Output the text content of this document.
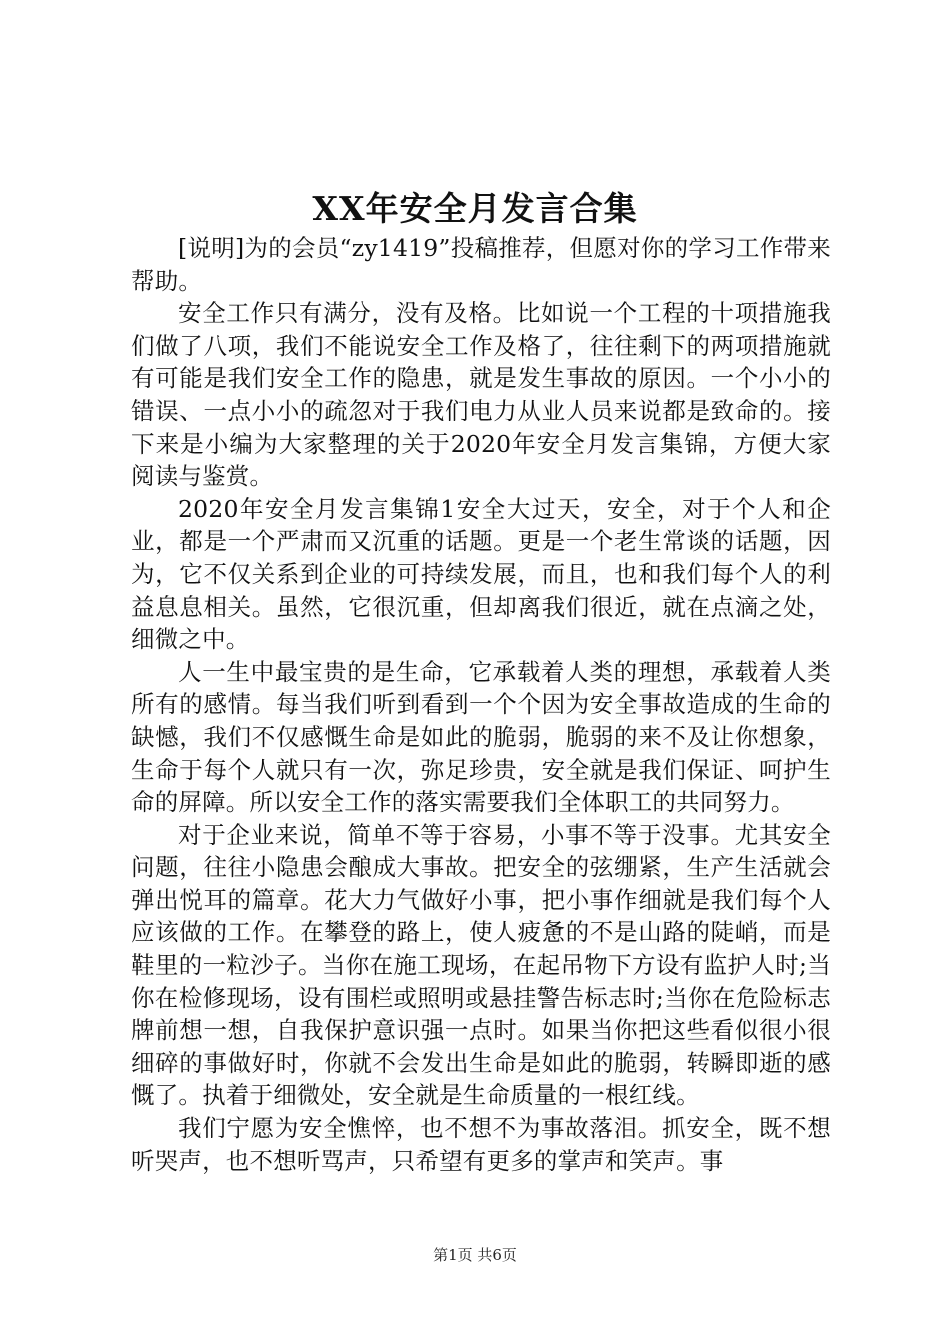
XX年安全月发言合集

[说明]为的会员“zy1419”投稿推荐，但愿对你的学习工作带来帮助。

安全工作只有满分，没有及格。比如说一个工程的十项措施我们做了八项，我们不能说安全工作及格了，往往剩下的两项措施就有可能是我们安全工作的隐患，就是发生事故的原因。一个小小的错误、一点小小的疏忽对于我们电力从业人员来说都是致命的。接下来是小编为大家整理的关于2020年安全月发言集锦，方便大家阅读与鉴赏。

2020年安全月发言集锦1安全大过天，安全，对于个人和企业，都是一个严肃而又沉重的话题。更是一个老生常谈的话题，因为，它不仅关系到企业的可持续发展，而且，也和我们每个人的利益息息相关。虽然，它很沉重，但却离我们很近，就在点滴之处，细微之中。

人一生中最宝贵的是生命，它承载着人类的理想，承载着人类所有的感情。每当我们听到看到一个个因为安全事故造成的生命的缺憾，我们不仅感慨生命是如此的脆弱，脆弱的来不及让你想象，生命于每个人就只有一次，弥足珍贵，安全就是我们保证、呵护生命的屏障。所以安全工作的落实需要我们全体职工的共同努力。

对于企业来说，简单不等于容易，小事不等于没事。尤其安全问题，往往小隐患会酿成大事故。把安全的弦绷紧，生产生活就会弹出悦耳的篇章。花大力气做好小事，把小事作细就是我们每个人应该做的工作。在攀登的路上，使人疲惫的不是山路的陡峭，而是鞋里的一粒沙子。当你在施工现场，在起吊物下方设有监护人时;当你在检修现场，设有围栏或照明或悬挂警告标志时;当你在危险标志牌前想一想，自我保护意识强一点时。如果当你把这些看似很小很细碎的事做好时，你就不会发出生命是如此的脆弱，转瞬即逝的感慨了。执着于细微处，安全就是生命质量的一根红线。

我们宁愿为安全憔悴，也不想不为事故落泪。抓安全，既不想听哭声，也不想听骂声，只希望有更多的掌声和笑声。事

第1页 共6页
